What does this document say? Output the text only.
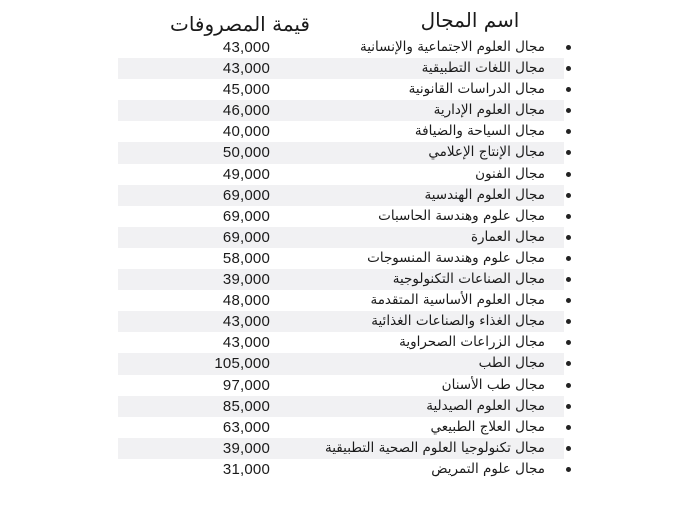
قيمة المصروفات	اسم المجال
43,000	مجال العلوم الاجتماعية والإنسانية
43,000	مجال اللغات التطبيقية
45,000	مجال الدراسات القانونية
46,000	مجال العلوم الإدارية
40,000	مجال السياحة والضيافة
50,000	مجال الإنتاج الإعلامي
49,000	مجال الفنون
69,000	مجال العلوم الهندسية
69,000	مجال علوم وهندسة الحاسبات
69,000	مجال العمارة
58,000	مجال علوم وهندسة المنسوجات
39,000	مجال الصناعات التكنولوجية
48,000	مجال العلوم الأساسية المتقدمة
43,000	مجال الغذاء والصناعات الغذائية
43,000	مجال الزراعات الصحراوية
105,000	مجال الطب
97,000	مجال طب الأسنان
85,000	مجال العلوم الصيدلية
63,000	مجال العلاج الطبيعي
39,000	مجال تكنولوجيا العلوم الصحية التطبيقية
31,000	مجال علوم التمريض
